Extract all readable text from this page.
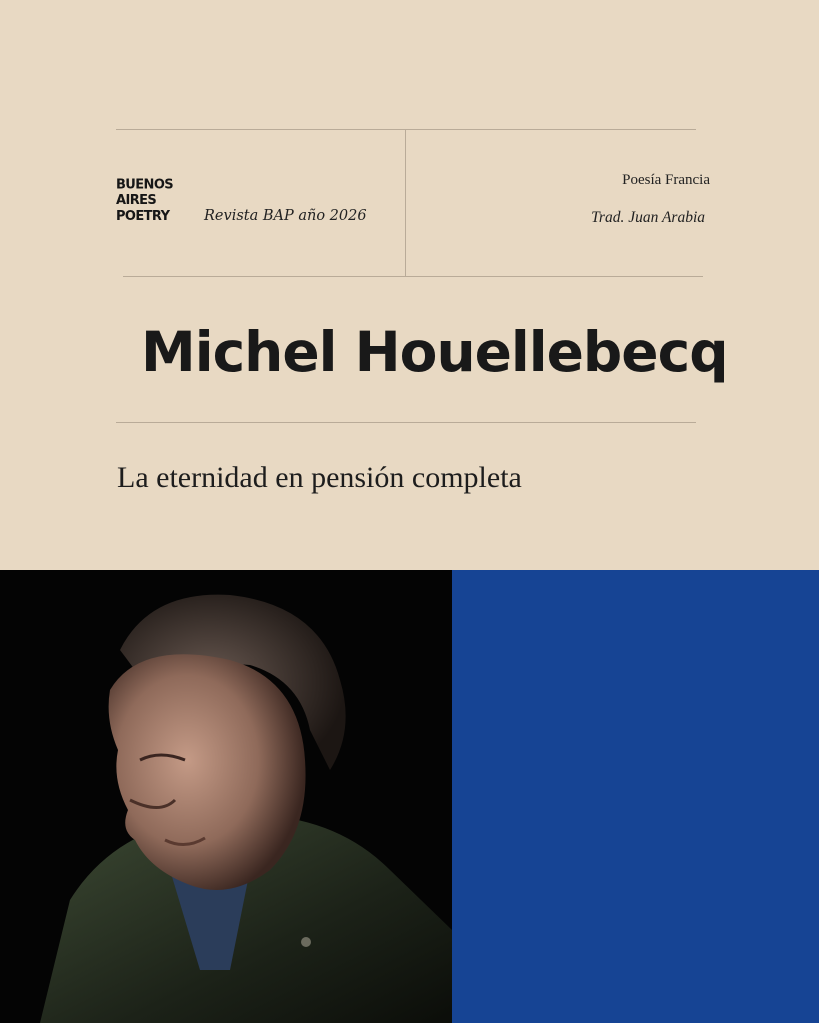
BUENOS
AIRES
POETRY Revista BAP año 2026
Poesía Francia
Trad. Juan Arabia
Michel Houellebecq
La eternidad en pensión completa
